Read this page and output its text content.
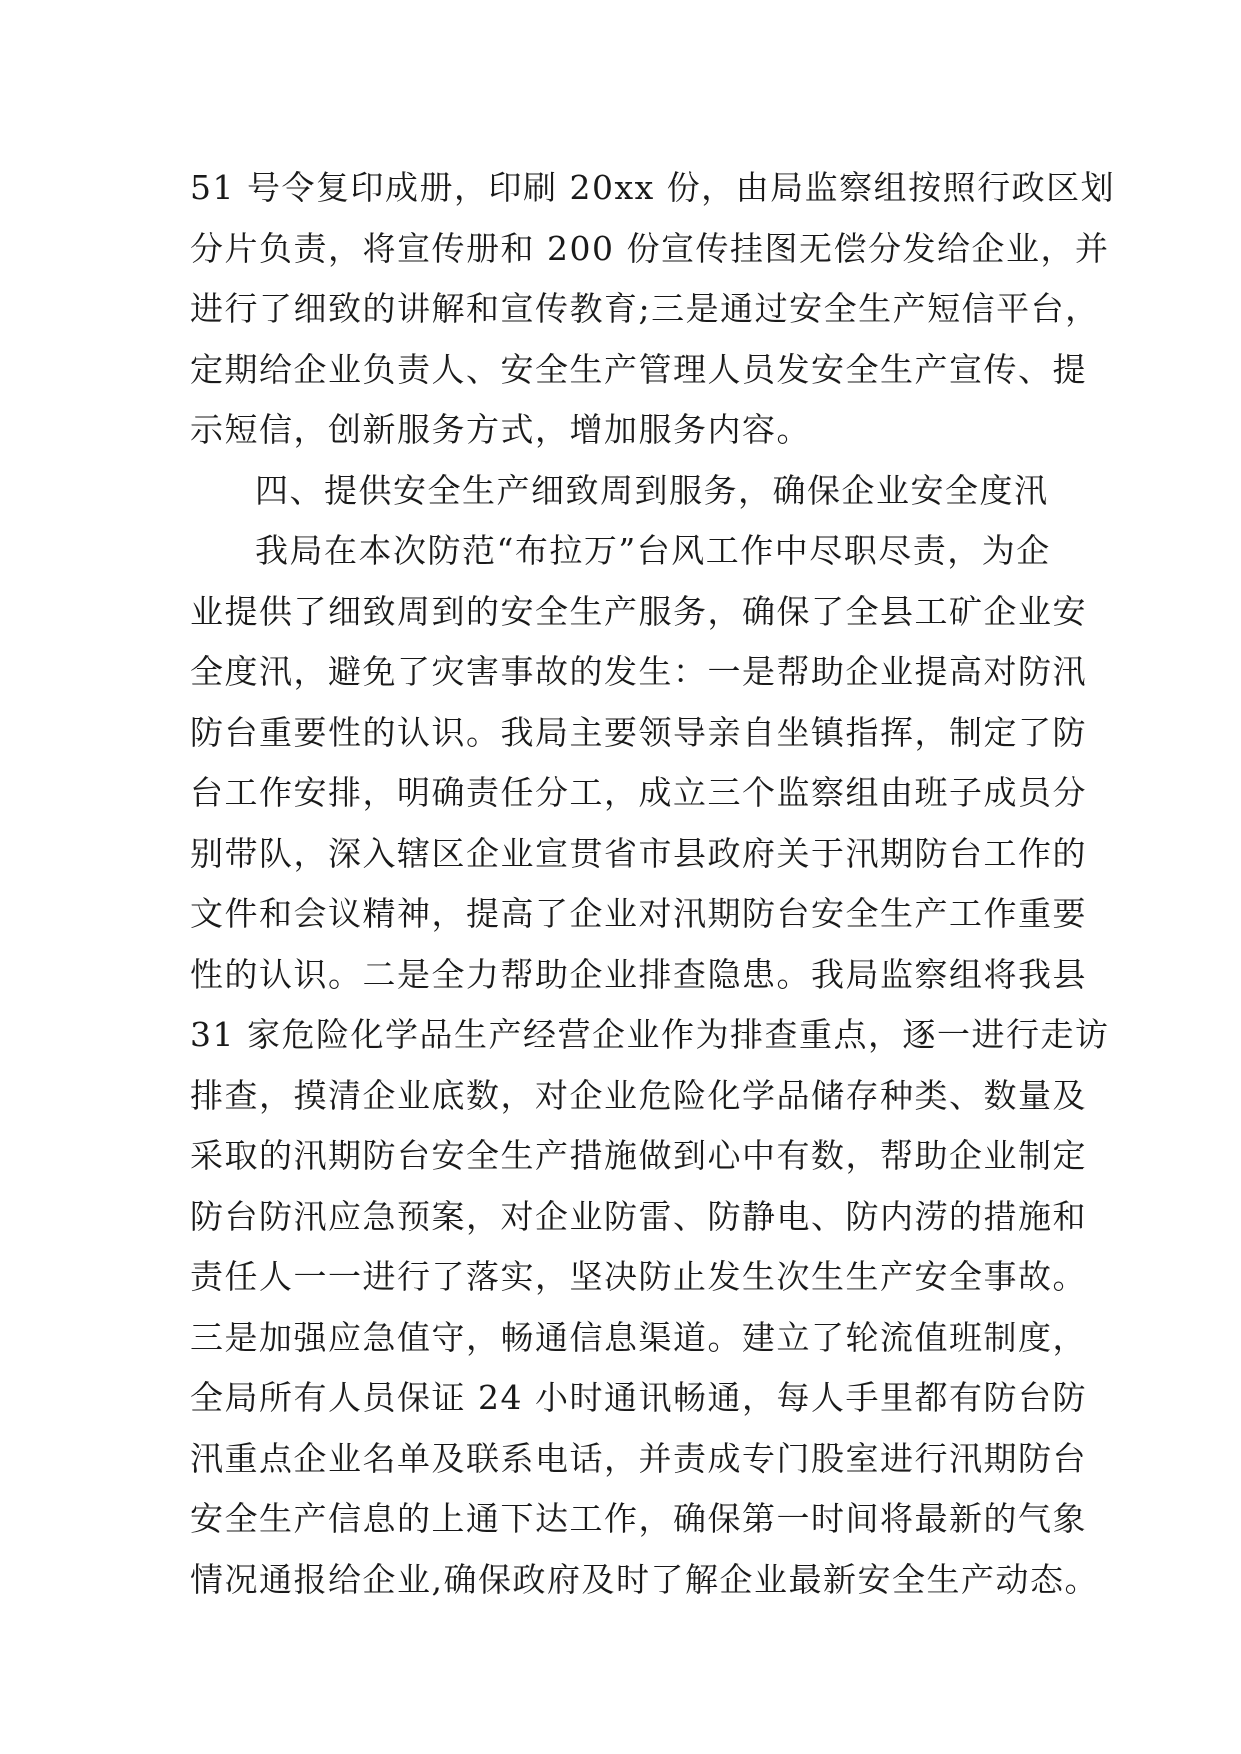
51 号令复印成册，印刷 20xx 份，由局监察组按照行政区划
分片负责，将宣传册和 200 份宣传挂图无偿分发给企业，并
进行了细致的讲解和宣传教育;三是通过安全生产短信平台，
定期给企业负责人、安全生产管理人员发安全生产宣传、提
示短信，创新服务方式，增加服务内容。
四、提供安全生产细致周到服务，确保企业安全度汛
我局在本次防范“布拉万”台风工作中尽职尽责，为企
业提供了细致周到的安全生产服务，确保了全县工矿企业安
全度汛，避免了灾害事故的发生：一是帮助企业提高对防汛
防台重要性的认识。我局主要领导亲自坐镇指挥，制定了防
台工作安排，明确责任分工，成立三个监察组由班子成员分
别带队，深入辖区企业宣贯省市县政府关于汛期防台工作的
文件和会议精神，提高了企业对汛期防台安全生产工作重要
性的认识。二是全力帮助企业排查隐患。我局监察组将我县
31 家危险化学品生产经营企业作为排查重点，逐一进行走访
排查，摸清企业底数，对企业危险化学品储存种类、数量及
采取的汛期防台安全生产措施做到心中有数，帮助企业制定
防台防汛应急预案，对企业防雷、防静电、防内涝的措施和
责任人一一进行了落实，坚决防止发生次生生产安全事故。
三是加强应急值守，畅通信息渠道。建立了轮流值班制度，
全局所有人员保证 24 小时通讯畅通，每人手里都有防台防
汛重点企业名单及联系电话，并责成专门股室进行汛期防台
安全生产信息的上通下达工作，确保第一时间将最新的气象
情况通报给企业,确保政府及时了解企业最新安全生产动态。
